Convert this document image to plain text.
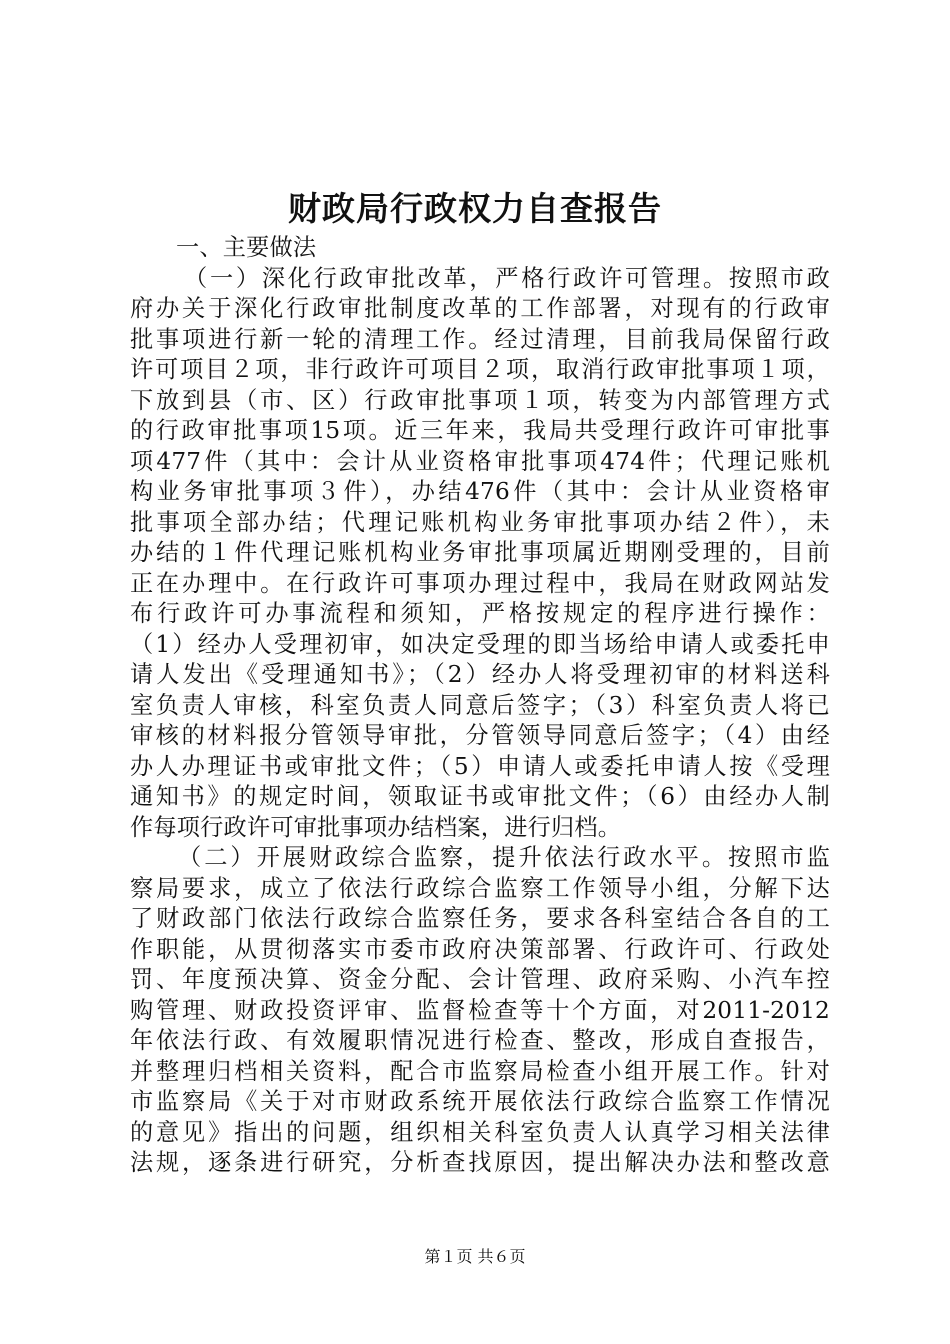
财政局行政权力自查报告
一、主要做法
（一）深化行政审批改革，严格行政许可管理。按照市政
府办关于深化行政审批制度改革的工作部署，对现有的行政审
批事项进行新一轮的清理工作。经过清理，目前我局保留行政
许可项目２项，非行政许可项目２项，取消行政审批事项１项，
下放到县（市、区）行政审批事项１项，转变为内部管理方式
的行政审批事项15项。近三年来，我局共受理行政许可审批事
项477件（其中：会计从业资格审批事项474件；代理记账机
构业务审批事项３件），办结476件（其中：会计从业资格审
批事项全部办结；代理记账机构业务审批事项办结２件），未
办结的１件代理记账机构业务审批事项属近期刚受理的，目前
正在办理中。在行政许可事项办理过程中，我局在财政网站发
布行政许可办事流程和须知，严格按规定的程序进行操作：
（1）经办人受理初审，如决定受理的即当场给申请人或委托申
请人发出《受理通知书》；（2）经办人将受理初审的材料送科
室负责人审核，科室负责人同意后签字；（3）科室负责人将已
审核的材料报分管领导审批，分管领导同意后签字；（4）由经
办人办理证书或审批文件；（5）申请人或委托申请人按《受理
通知书》的规定时间，领取证书或审批文件；（6）由经办人制
作每项行政许可审批事项办结档案，进行归档。
（二）开展财政综合监察，提升依法行政水平。按照市监
察局要求，成立了依法行政综合监察工作领导小组，分解下达
了财政部门依法行政综合监察任务，要求各科室结合各自的工
作职能，从贯彻落实市委市政府决策部署、行政许可、行政处
罚、年度预决算、资金分配、会计管理、政府采购、小汽车控
购管理、财政投资评审、监督检查等十个方面，对2011-2012
年依法行政、有效履职情况进行检查、整改，形成自查报告，
并整理归档相关资料，配合市监察局检查小组开展工作。针对
市监察局《关于对市财政系统开展依法行政综合监察工作情况
的意见》指出的问题，组织相关科室负责人认真学习相关法律
法规，逐条进行研究，分析查找原因，提出解决办法和整改意
第１页 共６页
